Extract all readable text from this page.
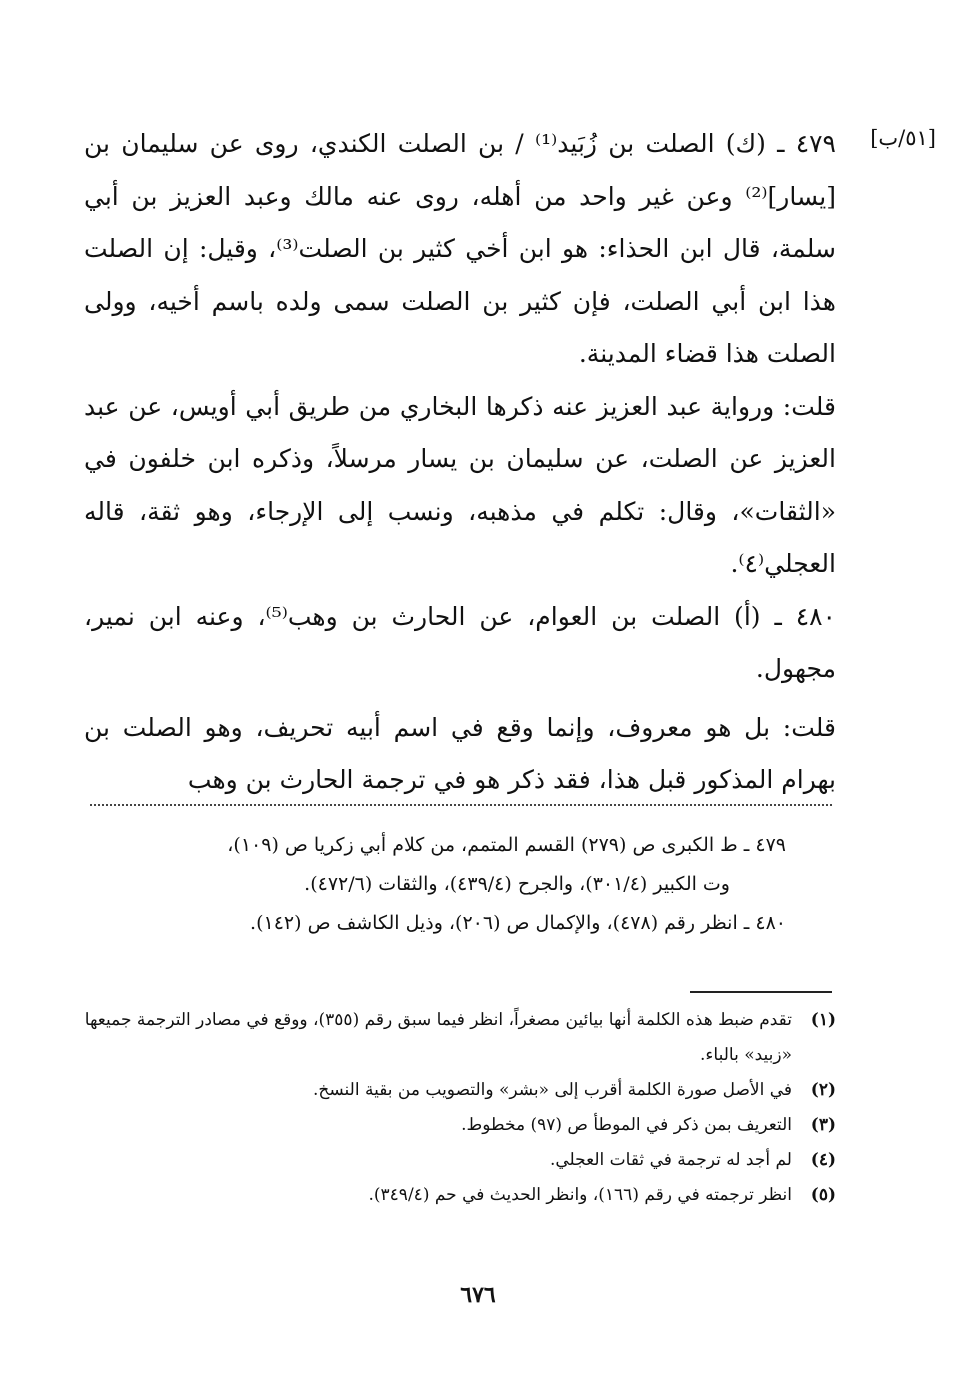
[٥١/ب]

٤٧٩ ـ (ك) الصلت بن زُبَيد⁽¹⁾ / بن الصلت الكندي، روى عن سليمان بن [يسار]⁽²⁾ وعن غير واحد من أهله، روى عنه مالك وعبد العزيز بن أبي سلمة، قال ابن الحذاء: هو ابن أخي كثير بن الصلت⁽³⁾، وقيل: إن الصلت هذا ابن أبي الصلت، فإن كثير بن الصلت سمى ولده باسم أخيه، وولى الصلت هذا قضاء المدينة.

قلت: ورواية عبد العزيز عنه ذكرها البخاري من طريق أبي أويس، عن عبد العزيز عن الصلت، عن سليمان بن يسار مرسلاً، وذكره ابن خلفون في «الثقات»، وقال: تكلم في مذهبه، ونسب إلى الإرجاء، وهو ثقة، قاله العجلي⁽٤⁾.

٤٨٠ ـ (أ) الصلت بن العوام، عن الحارث بن وهب⁽⁵⁾، وعنه ابن نمير، مجهول.

قلت: بل هو معروف، وإنما وقع في اسم أبيه تحريف، وهو الصلت بن بهرام المذكور قبل هذا، فقد ذكر هو في ترجمة الحارث بن وهب

٤٧٩ ـ ط الكبرى ص (٢٧٩) القسم المتمم، من كلام أبي زكريا ص (١٠٩)،

وت الكبير (٣٠١/٤)، والجرح (٤٣٩/٤)، والثقات (٤٧٢/٦).

٤٨٠ ـ انظر رقم (٤٧٨)، والإكمال ص (٢٠٦)، وذيل الكاشف ص (١٤٢).

(١)
تقدم ضبط هذه الكلمة أنها بيائين مصغراً، انظر فيما سبق رقم (٣٥٥)، ووقع في مصادر الترجمة جميعها «زبيد» بالباء.

(٢)
في الأصل صورة الكلمة أقرب إلى «بشر» والتصويب من بقية النسخ.

(٣)
التعريف بمن ذكر في الموطأ ص (٩٧) مخطوط.

(٤)
لم أجد له ترجمة في ثقات العجلي.

(٥)
انظر ترجمته في رقم (١٦٦)، وانظر الحديث في حم (٣٤٩/٤).

٦٧٦
